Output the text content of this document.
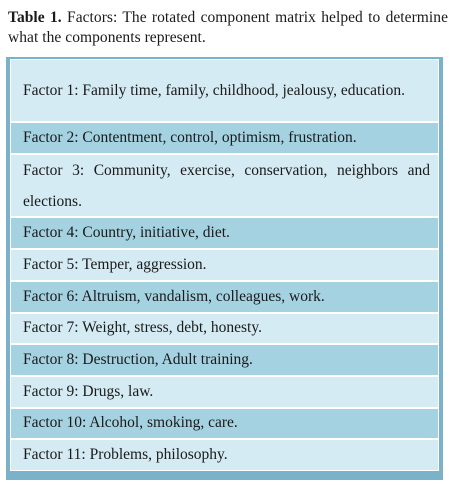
Table 1. Factors: The rotated component matrix helped to determine what the components represent.
Factor 1: Family time, family, childhood, jealousy, education.
Factor 2: Contentment, control, optimism, frustration.
Factor 3: Community, exercise, conservation, neighbors and elections.
Factor 4: Country, initiative, diet.
Factor 5: Temper, aggression.
Factor 6: Altruism, vandalism, colleagues, work.
Factor 7: Weight, stress, debt, honesty.
Factor 8: Destruction, Adult training.
Factor 9: Drugs, law.
Factor 10: Alcohol, smoking, care.
Factor 11: Problems, philosophy.
